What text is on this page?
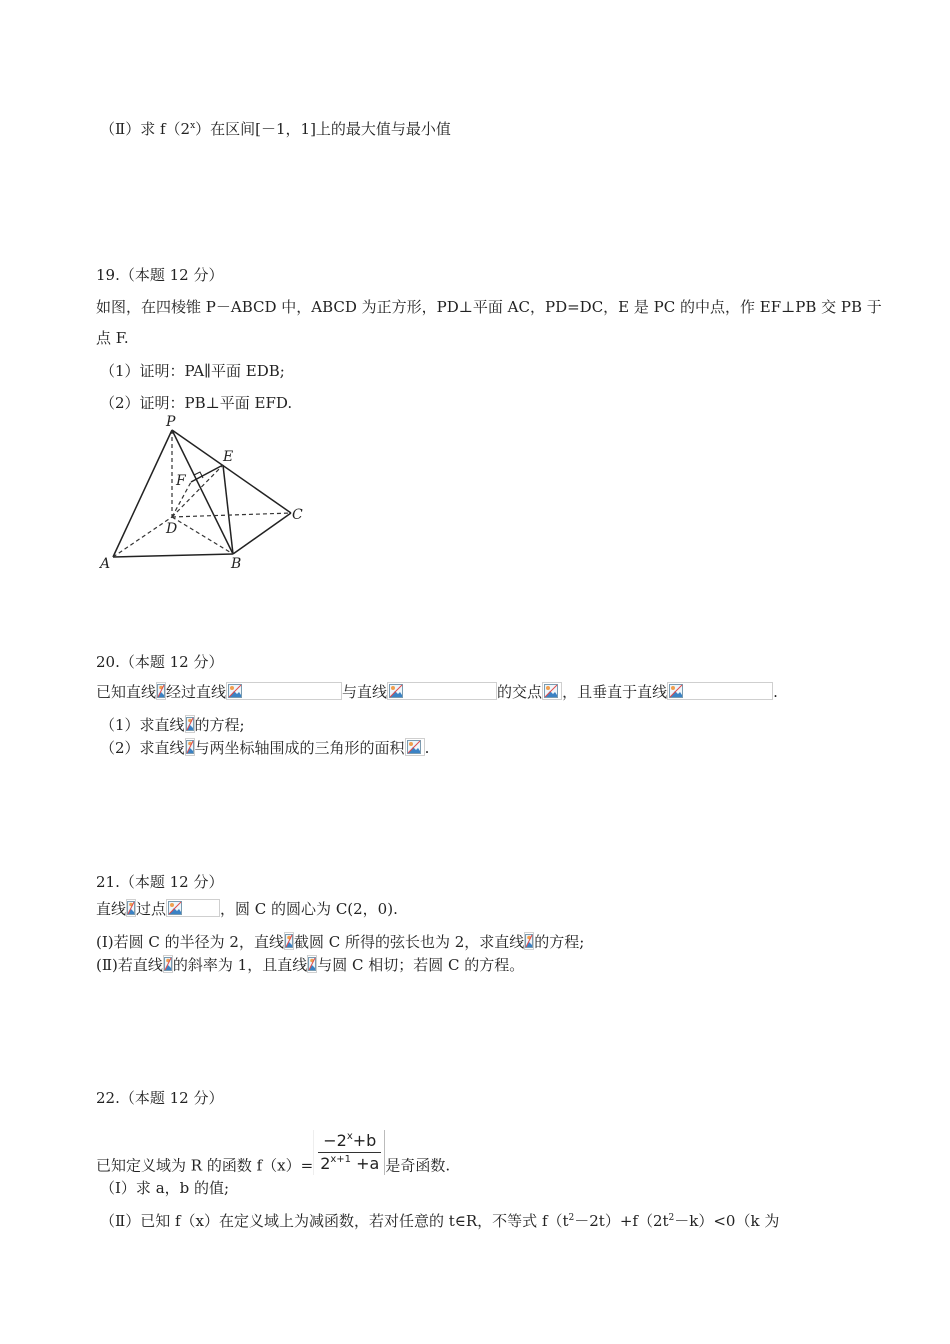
（Ⅱ）求 f（2$^x$）在区间[－1，1]上的最大值与最小值
19.（本题 12 分）
如图，在四棱锥 P－ABCD 中，ABCD 为正方形，PD⊥平面 AC，PD=DC，E 是 PC 的中点，作 EF⊥PB 交 PB 于
点 F.
（1）证明：PA∥平面 EDB;
（2）证明：PB⊥平面 EFD.
P
E
F
D
C
A	B
20.（本题 12 分）
已知直线 经过直线	与直线	的交点 ，且垂直于直线	.
（1）求直线 的方程;
（2）求直线 与两坐标轴围成的三角形的面积 .
21.（本题 12 分）
直线 过点	，圆 C 的圆心为 C(2，0).
(Ⅰ)若圆 C 的半径为 2，直线 截圆 C 所得的弦长也为 2，求直线 的方程;
(Ⅱ)若直线 的斜率为 1，且直线 与圆 C 相切；若圆 C 的方程。
22.（本题 12 分）
已知定义域为 R 的函数 $f(x)= \frac{-2^x+b}{2^{x+1} +a}$ 是奇函数.
（Ⅰ）求 a，b 的值;
（Ⅱ）已知 f（x）在定义域上为减函数，若对任意的 t∈R，不等式 $f(t^2-2t)+f(2t^2-k)<0(k$ 为
